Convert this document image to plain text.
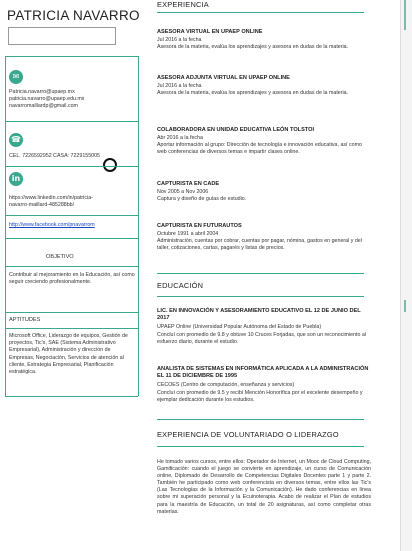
PATRICIA NAVARRO
✉
Patricia.navarro@upaep.mx
patricia.navarro@upaep.edu.mx
navarromaillardp@gmail.com
☎
CEL. 7226592952 CASA: 7229155005
in
https://www.linkedin.com/in/patricia-
navarro-maillard-485288bb/
http://www.facebook.com/pnavarrom
OBJETIVO
Contribuir al mejoramiento en la Educación, así como seguir creciendo profesionalmente.
APTITUDES
Microsoft Office, Liderazgo de equipos, Gestión de proyectos, Tic's, SAE (Sistema Administrativo Empresarial), Administración y dirección de Empresas, Negociación, Servicios de atención al cliente, Estrategia Empresarial, Planificación estratégica.
EXPERIENCIA
ASESORA VIRTUAL EN UPAEP ONLINE
Jul 2016 a la fecha
Asesora de la materia, evalúa los aprendizajes y asesora en dudas de la materia.
ASESORA ADJUNTA VIRTUAL EN UPAEP ONLINE
Jul 2016 a la fecha
Asesora de la materia, evalúa los aprendizajes y asesora en dudas de la materia.
COLABORADORA EN UNIDAD EDUCATIVA LEÓN TOLSTOI
Abr 2016 a la fecha
Aportar información al grupo: Dirección de tecnología e innovación educativa, así como web conferencias de diversos temas e impartir clases online.
CAPTURISTA EN CADE
Nov 2005 a Nov 2006
Captura y diseño de guías de estudio.
CAPTURISTA EN FUTURAUTOS
Octubre 1991 a abril 2004
Administración, cuentas por cobrar, cuentas por pagar, nómina, gastos en general y del taller, cotizaciones, cartas, pagarés y listas de precios.
EDUCACIÓN
LIC. EN INNOVACIÓN Y ASESORAMIENTO EDUCATIVO EL 12 DE JUNIO DEL 2017
UPAEP Online (Universidad Popular Autónoma del Estado de Puebla)
Concluí con promedio de 9.8 y obtuve 10 Cruces Forjadas, que son un reconocimiento al esfuerzo diario, durante el estudio.
ANALISTA DE SISTEMAS EN INFORMÁTICA APLICADA A LA ADMINISTRACIÓN EL 11 DE DICIEMBRE DE 1995
CECOES (Centro de computación, enseñanza y servicios)
Concluí con promedio de 9.5 y recibí Mención Honorífica por el excelente desempeño y ejemplar dedicación durante los estudios.
EXPERIENCIA DE VOLUNTARIADO O LIDERAZGO
He tomado varios cursos, entre ellos: Operador de Internet, un Mooc de Cloud Computing, Gamificación: cuando el juego se convierte en aprendizaje, un curso de Comunicación online, Diplomado de Desarrollo de Competencias Digitales Docentes parte 1 y parte 2. También he participado como web conferencista en diversos temas, entre ellos las Tic's (Las Tecnologías de la Información y la Comunicación). He dado conferencias en línea sobre mi superación personal y la Ecuinoterapia. Acabo de realizar el Plan de estudios para la maestría de Educación, un total de 20 asignaturas, así como completar otras materias.
